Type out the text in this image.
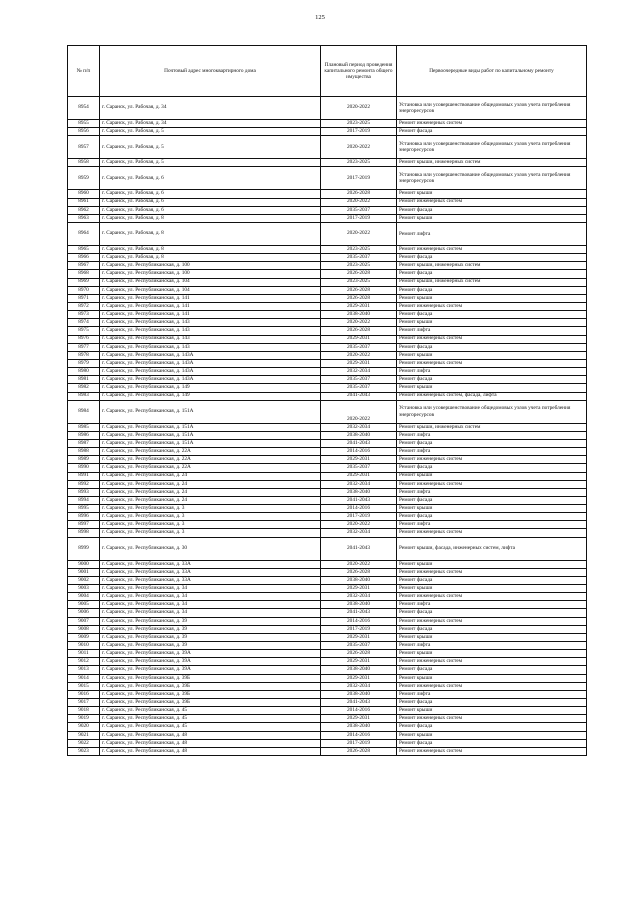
125
№ п/п	Почтовый адрес многоквартирного дома	Плановый период проведения капитального ремонта общего имущества	Первоочередные виды работ по капитальному ремонту
8954	г. Саранск, ул. Рабочая, д. 34	2020-2022	Установка или усовершенствование общедомовых узлов учета потребления энергоресурсов
8955	г. Саранск, ул. Рабочая, д. 34	2023-2025	Ремонт инженерных систем
8956	г. Саранск, ул. Рабочая, д. 5	2017-2019	Ремонт фасада
8957	г. Саранск, ул. Рабочая, д. 5	2020-2022	Установка или усовершенствование общедомовых узлов учета потребления энергоресурсов
8958	г. Саранск, ул. Рабочая, д. 5	2023-2025	Ремонт крыши, инженерных систем
8959	г. Саранск, ул. Рабочая, д. 6	2017-2019	Установка или усовершенствование общедомовых узлов учета потребления энергоресурсов
8960	г. Саранск, ул. Рабочая, д. 6	2026-2028	Ремонт крыши
8961	г. Саранск, ул. Рабочая, д. 6	2020-2022	Ремонт инженерных систем
8962	г. Саранск, ул. Рабочая, д. 6	2035-2037	Ремонт фасада
8963	г. Саранск, ул. Рабочая, д. 8	2017-2019	Ремонт крыши
8964	г. Саранск, ул. Рабочая, д. 8	2020-2022	Ремонт лифта
8965	г. Саранск, ул. Рабочая, д. 8	2023-2025	Ремонт инженерных систем
8966	г. Саранск, ул. Рабочая, д. 8	2035-2037	Ремонт фасада
8967	г. Саранск, ул. Республиканская, д. 100	2023-2025	Ремонт крыши, инженерных систем
8968	г. Саранск, ул. Республиканская, д. 100	2026-2028	Ремонт фасада
8969	г. Саранск, ул. Республиканская, д. 104	2023-2025	Ремонт крыши, инженерных систем
8970	г. Саранск, ул. Республиканская, д. 104	2026-2028	Ремонт фасада
8971	г. Саранск, ул. Республиканская, д. 141	2026-2028	Ремонт крыши
8972	г. Саранск, ул. Республиканская, д. 141	2029-2031	Ремонт инженерных систем
8973	г. Саранск, ул. Республиканская, д. 141	2038-2040	Ремонт фасада
8974	г. Саранск, ул. Республиканская, д. 143	2020-2022	Ремонт крыши
8975	г. Саранск, ул. Республиканская, д. 143	2026-2028	Ремонт лифта
8976	г. Саранск, ул. Республиканская, д. 143	2029-2031	Ремонт инженерных систем
8977	г. Саранск, ул. Республиканская, д. 143	2035-2037	Ремонт фасада
8978	г. Саранск, ул. Республиканская, д. 143А	2020-2022	Ремонт крыши
8979	г. Саранск, ул. Республиканская, д. 143А	2029-2031	Ремонт инженерных систем
8980	г. Саранск, ул. Республиканская, д. 143А	2032-2034	Ремонт лифта
8981	г. Саранск, ул. Республиканская, д. 143А	2035-2037	Ремонт фасада
8982	г. Саранск, ул. Республиканская, д. 149	2035-2037	Ремонт крыши
8983	г. Саранск, ул. Республиканская, д. 149	2041-2043	Ремонт инженерных систем, фасада, лифта
8984	г. Саранск, ул. Республиканская, д. 151А	2020-2022	Установка или усовершенствование общедомовых узлов учета потребления энергоресурсов
8985	г. Саранск, ул. Республиканская, д. 151А	2032-2034	Ремонт крыши, инженерных систем
8986	г. Саранск, ул. Республиканская, д. 151А	2038-2040	Ремонт лифта
8987	г. Саранск, ул. Республиканская, д. 151А	2041-2043	Ремонт фасада
8988	г. Саранск, ул. Республиканская, д. 22А	2014-2016	Ремонт лифта
8989	г. Саранск, ул. Республиканская, д. 22А	2029-2031	Ремонт инженерных систем
8990	г. Саранск, ул. Республиканская, д. 22А	2035-2037	Ремонт фасада
8991	г. Саранск, ул. Республиканская, д. 24	2029-2031	Ремонт крыши
8992	г. Саранск, ул. Республиканская, д. 24	2032-2034	Ремонт инженерных систем
8993	г. Саранск, ул. Республиканская, д. 24	2038-2040	Ремонт лифта
8994	г. Саранск, ул. Республиканская, д. 24	2041-2043	Ремонт фасада
8995	г. Саранск, ул. Республиканская, д. 3	2014-2016	Ремонт крыши
8996	г. Саранск, ул. Республиканская, д. 3	2017-2019	Ремонт фасада
8997	г. Саранск, ул. Республиканская, д. 3	2020-2022	Ремонт лифта
8998	г. Саранск, ул. Республиканская, д. 3	2032-2034	Ремонт инженерных систем
8999	г. Саранск, ул. Республиканская, д. 30	2041-2043	Ремонт крыши, фасада, инженерных систем, лифта
9000	г. Саранск, ул. Республиканская, д. 33А	2020-2022	Ремонт крыши
9001	г. Саранск, ул. Республиканская, д. 33А	2026-2028	Ремонт инженерных систем
9002	г. Саранск, ул. Республиканская, д. 33А	2038-2040	Ремонт фасада
9003	г. Саранск, ул. Республиканская, д. 34	2029-2031	Ремонт крыши
9004	г. Саранск, ул. Республиканская, д. 34	2032-2034	Ремонт инженерных систем
9005	г. Саранск, ул. Республиканская, д. 34	2038-2040	Ремонт лифта
9006	г. Саранск, ул. Республиканская, д. 34	2041-2043	Ремонт фасада
9007	г. Саранск, ул. Республиканская, д. 39	2014-2016	Ремонт инженерных систем
9008	г. Саранск, ул. Республиканская, д. 39	2017-2019	Ремонт фасада
9009	г. Саранск, ул. Республиканская, д. 39	2029-2031	Ремонт крыши
9010	г. Саранск, ул. Республиканская, д. 39	2035-2037	Ремонт лифта
9011	г. Саранск, ул. Республиканская, д. 39А	2026-2028	Ремонт крыши
9012	г. Саранск, ул. Республиканская, д. 39А	2029-2031	Ремонт инженерных систем
9013	г. Саранск, ул. Республиканская, д. 39А	2038-2040	Ремонт фасада
9014	г. Саранск, ул. Республиканская, д. 39Б	2029-2031	Ремонт крыши
9015	г. Саранск, ул. Республиканская, д. 39Б	2032-2034	Ремонт инженерных систем
9016	г. Саранск, ул. Республиканская, д. 39Б	2038-2040	Ремонт лифта
9017	г. Саранск, ул. Республиканская, д. 39Б	2041-2043	Ремонт фасада
9018	г. Саранск, ул. Республиканская, д. 45	2014-2016	Ремонт крыши
9019	г. Саранск, ул. Республиканская, д. 45	2029-2031	Ремонт инженерных систем
9020	г. Саранск, ул. Республиканская, д. 45	2038-2040	Ремонт фасада
9021	г. Саранск, ул. Республиканская, д. 48	2014-2016	Ремонт крыши
9022	г. Саранск, ул. Республиканская, д. 48	2017-2019	Ремонт фасада
9023	г. Саранск, ул. Республиканская, д. 48	2026-2028	Ремонт инженерных систем
